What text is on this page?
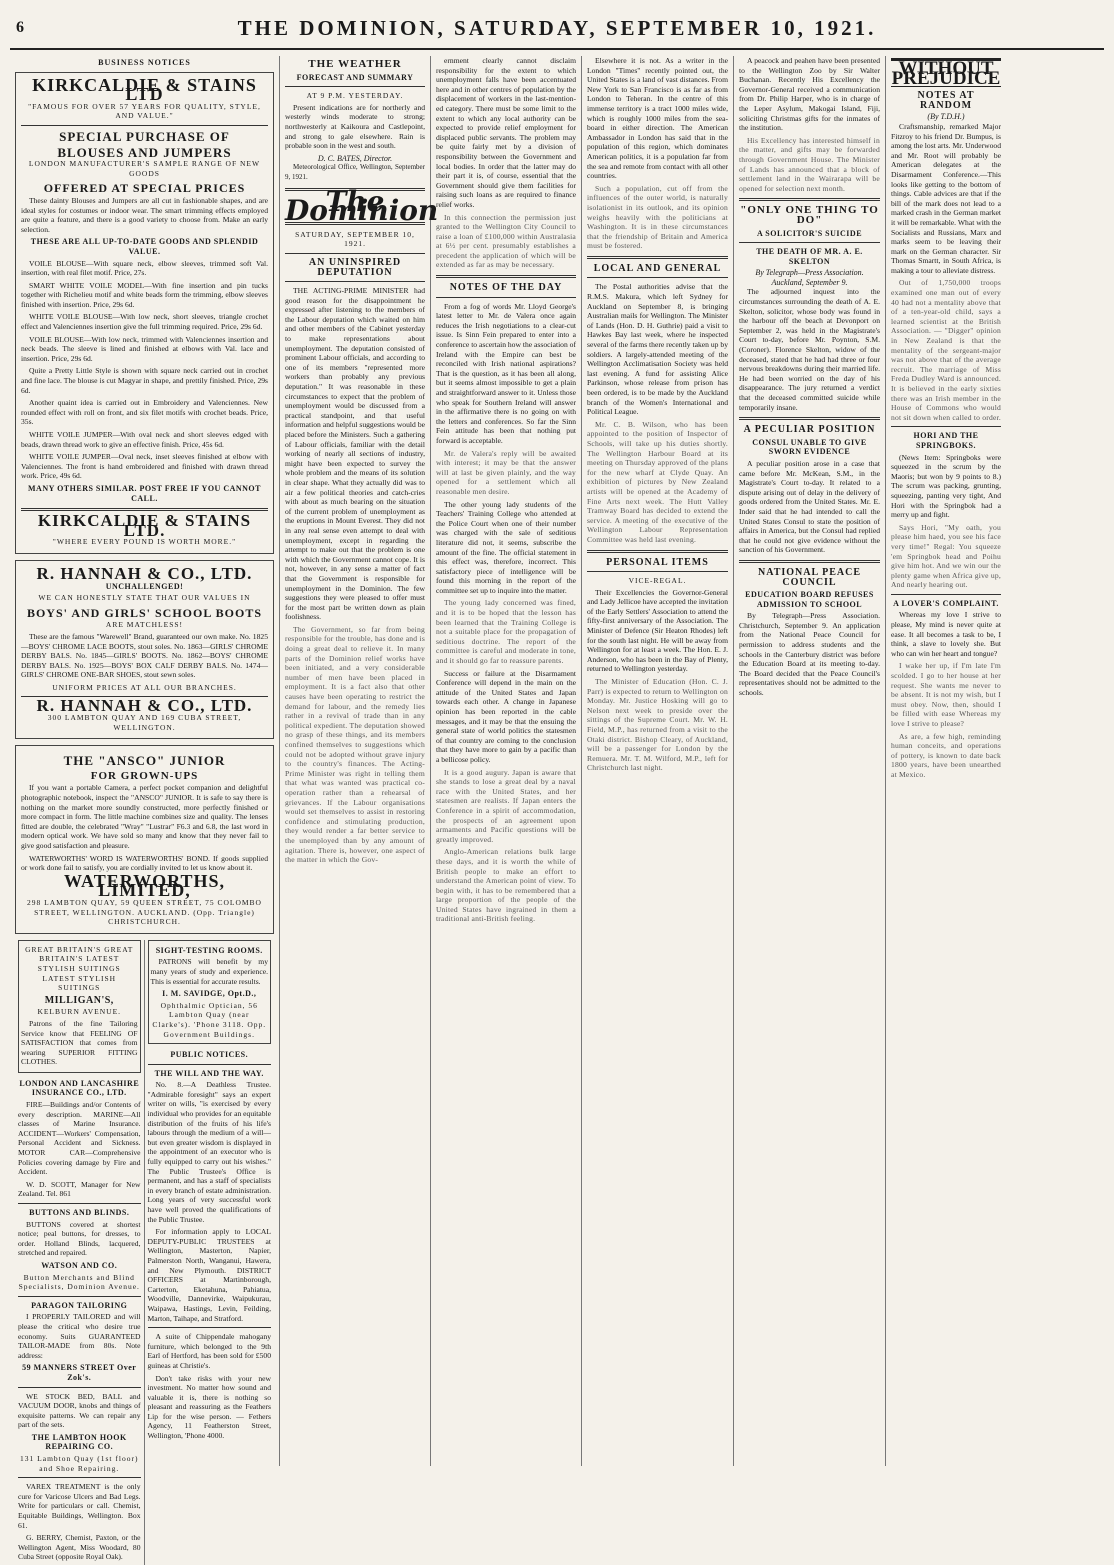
6	THE DOMINION, SATURDAY, SEPTEMBER 10, 1921.
BUSINESS NOTICES
KIRKCALDIE & STAINS LTD
"FAMOUS FOR OVER 57 YEARS FOR QUALITY, STYLE, AND VALUE."
SPECIAL PURCHASE OF
BLOUSES AND JUMPERS
LONDON MANUFACTURER'S SAMPLE RANGE OF NEW GOODS
OFFERED AT SPECIAL PRICES
These dainty Blouses and Jumpers are all cut in fashionable shapes, and are ideal styles for costumes or indoor wear. The smart trimming effects employed are quite a feature, and there is a good variety to choose from. Make an early selection.
THESE ARE ALL UP-TO-DATE GOODS AND SPLENDID VALUE.
VOILE BLOUSE—With square neck, elbow sleeves, trimmed soft Val. insertion, with real filet motif. Price, 27s.
SMART WHITE VOILE MODEL—With fine insertion and pin tucks together with Richelieu motif and white beads form the trimming, elbow sleeves finished with insertion. Price, 29s 6d.
WHITE VOILE BLOUSE—With low neck, short sleeves, triangle crochet effect and Valenciennes insertion give the full trimming required. Price, 29s 6d.
VOILE BLOUSE—With low neck, trimmed with Valenciennes insertion and neck beads. The sleeve is lined and finished at elbows with Val. lace and insertion. Price, 29s 6d.
Quite a Pretty Little Style is shown with square neck carried out in crochet and fine lace. The blouse is cut Magyar in shape, and prettily finished. Price, 29s 6d.
Another quaint idea is carried out in Embroidery and Valenciennes. New rounded effect with roll on front, and six filet motifs with crochet beads. Price, 35s.
WHITE VOILE JUMPER—With oval neck and short sleeves edged with beads, drawn thread work to give an effective finish. Price, 45s 6d.
WHITE VOILE JUMPER—Oval neck, inset sleeves finished at elbow with Valenciennes. The front is hand embroidered and finished with drawn thread work. Price, 49s 6d.
MANY OTHERS SIMILAR. POST FREE IF YOU CANNOT CALL.
KIRKCALDIE & STAINS LTD.
"WHERE EVERY POUND IS WORTH MORE."
R. HANNAH & CO., LTD.
UNCHALLENGED!
WE CAN HONESTLY STATE THAT OUR VALUES IN
BOYS' AND GIRLS' SCHOOL BOOTS
ARE MATCHLESS!
These are the famous "Warewell" Brand, guaranteed our own make. No. 1825—BOYS' CHROME LACE BOOTS, stout soles. No. 1863—GIRLS' CHROME DERBY BALS. No. 1845—GIRLS' BOOTS. No. 1862—BOYS' CHROME DERBY BALS. No. 1925—BOYS' BOX CALF DERBY BALS. No. 1474—GIRLS' CHROME ONE-BAR SHOES, stout sewn soles.
UNIFORM PRICES AT ALL OUR BRANCHES.
R. HANNAH & CO., LTD.
300 LAMBTON QUAY AND 169 CUBA STREET, WELLINGTON.
THE "ANSCO" JUNIOR
FOR GROWN-UPS
If you want a portable Camera, a perfect pocket companion and delightful photographic notebook, inspect the "ANSCO" JUNIOR. It is safe to say there is nothing on the market more soundly constructed, more perfectly finished or more compact in form. The little machine combines size and quality. The lenses fitted are double, the celebrated "Wray" "Lustrar" F6.3 and 6.8, the last word in modern optical work. We have sold so many and know that they never fail to give good satisfaction and pleasure.
WATERWORTHS' WORD IS WATERWORTHS' BOND. If goods supplied or work done fail to satisfy, you are cordially invited to let us know about it.
WATERWORTHS, LIMITED,
298 LAMBTON QUAY, 59 QUEEN STREET, 75 COLOMBO STREET, WELLINGTON. AUCKLAND. (Opp. Triangle) CHRISTCHURCH.
GREAT BRITAIN'S GREAT BRITAIN'S LATEST STYLISH SUITINGS LATEST STYLISH SUITINGS
MILLIGAN'S,
KELBURN AVENUE.
Patrons of the fine Tailoring Service know that FEELING OF SATISFACTION that comes from wearing SUPERIOR FITTING CLOTHES.
LONDON AND LANCASHIRE INSURANCE CO., LTD.
FIRE—Buildings and/or Contents of every description. MARINE—All classes of Marine Insurance. ACCIDENT—Workers' Compensation, Personal Accident and Sickness. MOTOR CAR—Comprehensive Policies covering damage by Fire and Accident.
W. D. SCOTT, Manager for New Zealand. Tel. 861
BUTTONS AND BLINDS.
BUTTONS covered at shortest notice; peal buttons, for dresses, to order. Holland Blinds, lacquered, stretched and repaired.
WATSON AND CO.
Button Merchants and Blind Specialists, Dominion Avenue.
PARAGON TAILORING
I PROPERLY TAILORED and will please the critical who desire true economy. Suits GUARANTEED TAILOR-MADE from 80s. Note address:
59 MANNERS STREET Over Zok's.
WE STOCK BED, BALL and VACUUM DOOR, knobs and things of exquisite patterns. We can repair any part of the sets.
THE LAMBTON HOOK REPAIRING CO.
131 Lambton Quay (1st floor) and Shoe Repairing.
VAREX TREATMENT is the only cure for Varicose Ulcers and Bad Legs. Write for particulars or call. Chemist, Equitable Buildings, Wellington. Box 61.
G. BERRY, Chemist, Paxton, or the Wellington Agent, Miss Woodard, 80 Cuba Street (opposite Royal Oak).
SIGHT-TESTING ROOMS.
PATRONS will benefit by my many years of study and experience. This is essential for accurate results.
I. M. SAVIDGE, Opt.D.,
Ophthalmic Optician, 56 Lambton Quay (near Clarke's). 'Phone 3118. Opp. Government Buildings.
PUBLIC NOTICES.
THE WILL AND THE WAY.
No. 8.—A Deathless Trustee. "Admirable foresight" says an expert writer on wills, "is exercised by every individual who provides for an equitable distribution of the fruits of his life's labours through the medium of a will—but even greater wisdom is displayed in the appointment of an executor who is fully equipped to carry out his wishes." The Public Trustee's Office is permanent, and has a staff of specialists in every branch of estate administration. Long years of very successful work have well proved the qualifications of the Public Trustee.
For information apply to LOCAL DEPUTY-PUBLIC TRUSTEES at Wellington, Masterton, Napier, Palmerston North, Wanganui, Hawera, and New Plymouth. DISTRICT OFFICERS at Martinborough, Carterton, Eketahuna, Pahiatua, Woodville, Dannevirke, Waipukurau, Waipawa, Hastings, Levin, Feilding, Marton, Taihape, and Stratford.
A suite of Chippendale mahogany furniture, which belonged to the 9th Earl of Hertford, has been sold for £500 guineas at Christie's.
Don't take risks with your new investment. No matter how sound and valuable it is, there is nothing so pleasant and reassuring as the Feathers Lip for the wise person. — Fethers Agency, 11 Featherston Street, Wellington, 'Phone 4000.
THE WEATHER
FORECAST AND SUMMARY
AT 9 P.M. YESTERDAY.
Present indications are for northerly and westerly winds moderate to strong; northwesterly at Kaikoura and Castlepoint, and strong to gale elsewhere. Rain is probable soon in the west and south.
D. C. BATES, Director.
Meteorological Office, Wellington, September 9, 1921.
The Dominion
SATURDAY, SEPTEMBER 10, 1921.
AN UNINSPIRED DEPUTATION
THE ACTING-PRIME MINISTER had good reason for the disappointment he expressed after listening to the members of the Labour deputation which waited on him and other members of the Cabinet yesterday to make representations about unemployment. The deputation consisted of prominent Labour officials, and according to one of its members "represented more workers than probably any previous deputation." It was reasonable in these circumstances to expect that the problem of unemployment would be discussed from a practical standpoint, and that useful information and helpful suggestions would be placed before the Ministers. Such a gathering of Labour officials, familiar with the detail working of nearly all sections of industry, might have been expected to survey the whole problem and the means of its solution in clear shape. What they actually did was to air a few political theories and catch-cries with about as much bearing on the situation of the current problem of unemployment as the eruptions in Mount Everest. They did not in any real sense even attempt to deal with unemployment, except in regarding the attempt to make out that the problem is one with which the Government cannot cope. It is not, however, in any sense a matter of fact that the Government is responsible for unemployment in the Dominion. The few suggestions they were pleased to offer must for the most part be written down as plain foolishness.
The Government, so far from being responsible for the trouble, has done and is doing a great deal to relieve it. In many parts of the Dominion relief works have been initiated, and a very considerable number of men have been placed in employment. It is a fact also that other causes have been operating to restrict the demand for labour, and the remedy lies rather in a revival of trade than in any political expedient. The deputation showed no grasp of these things, and its members confined themselves to suggestions which could not be adopted without grave injury to the country's finances. The Acting-Prime Minister was right in telling them that what was wanted was practical co-operation rather than a rehearsal of grievances. If the Labour organisations would set themselves to assist in restoring confidence and stimulating production, they would render a far better service to the unemployed than by any amount of agitation. There is, however, one aspect of the matter in which the Gov-
ernment clearly cannot disclaim responsibility for the extent to which unemployment falls have been accentuated here and in other centres of population by the displacement of workers in the last-mention-ed category. There must be some limit to the extent to which any local authority can be expected to provide relief employment for displaced public servants. The problem may be quite fairly met by a division of responsibility between the Government and local bodies. In order that the latter may do their part it is, of course, essential that the Government should give them facilities for raising such loans as are required to finance relief works.
In this connection the permission just granted to the Wellington City Council to raise a loan of £100,000 within Australasia at 6½ per cent. presumably establishes a precedent the application of which will be extended as far as may be necessary.
NOTES OF THE DAY
From a fog of words Mr. Lloyd George's latest letter to Mr. de Valera once again reduces the Irish negotiations to a clear-cut issue. Is Sinn Fein prepared to enter into a conference to ascertain how the association of Ireland with the Empire can best be reconciled with Irish national aspirations? That is the question, as it has been all along, but it seems almost impossible to get a plain and straightforward answer to it. Unless those who speak for Southern Ireland will answer in the affirmative there is no going on with the letters and conferences. So far the Sinn Fein attitude has been that nothing put forward is acceptable.
Mr. de Valera's reply will be awaited with interest; it may be that the answer will at last be given plainly, and the way opened for a settlement which all reasonable men desire.
The other young lady students of the Teachers' Training College who attended at the Police Court when one of their number was charged with the sale of seditious literature did not, it seems, subscribe the amount of the fine. The official statement in this effect was, therefore, incorrect. This satisfactory piece of intelligence will be found this morning in the report of the committee set up to inquire into the matter.
The young lady concerned was fined, and it is to be hoped that the lesson has been learned that the Training College is not a suitable place for the propagation of seditious doctrine. The report of the committee is careful and moderate in tone, and it should go far to reassure parents.
Success or failure at the Disarmament Conference will depend in the main on the attitude of the United States and Japan towards each other. A change in Japanese opinion has been reported in the cable messages, and it may be that the ensuing the general state of world politics the statesmen of that country are coming to the conclusion that they have more to gain by a pacific than a bellicose policy.
It is a good augury. Japan is aware that she stands to lose a great deal by a naval race with the United States, and her statesmen are realists. If Japan enters the Conference in a spirit of accommodation, the prospects of an agreement upon armaments and Pacific questions will be greatly improved.
Anglo-American relations bulk large these days, and it is worth the while of British people to make an effort to understand the American point of view. To begin with, it has to be remembered that a large proportion of the people of the United States have ingrained in them a traditional anti-British feeling.
Elsewhere it is not. As a writer in the London "Times" recently pointed out, the United States is a land of vast distances. From New York to San Francisco is as far as from London to Teheran. In the centre of this immense territory is a tract 1000 miles wide, which is roughly 1000 miles from the sea-board in either direction. The American Ambassador in London has said that in the population of this region, which dominates American politics, it is a population far from the sea and remote from contact with all other countries.
Such a population, cut off from the influences of the outer world, is naturally isolationist in its outlook, and its opinion weighs heavily with the politicians at Washington. It is in these circumstances that the friendship of Britain and America must be fostered.
LOCAL AND GENERAL
The Postal authorities advise that the R.M.S. Makura, which left Sydney for Auckland on September 8, is bringing Australian mails for Wellington. The Minister of Lands (Hon. D. H. Guthrie) paid a visit to Hawkes Bay last week, where he inspected several of the farms there recently taken up by soldiers. A largely-attended meeting of the Wellington Acclimatisation Society was held last evening. A fund for assisting Alice Parkinson, whose release from prison has been ordered, is to be made by the Auckland branch of the Women's International and Political League.
Mr. C. B. Wilson, who has been appointed to the position of Inspector of Schools, will take up his duties shortly. The Wellington Harbour Board at its meeting on Thursday approved of the plans for the new wharf at Clyde Quay. An exhibition of pictures by New Zealand artists will be opened at the Academy of Fine Arts next week. The Hutt Valley Tramway Board has decided to extend the service. A meeting of the executive of the Wellington Labour Representation Committee was held last evening.
PERSONAL ITEMS
VICE-REGAL.
Their Excellencies the Governor-General and Lady Jellicoe have accepted the invitation of the Early Settlers' Association to attend the fifty-first anniversary of the Association. The Minister of Defence (Sir Heaton Rhodes) left for the south last night. He will be away from Wellington for at least a week. The Hon. E. J. Anderson, who has been in the Bay of Plenty, returned to Wellington yesterday.
The Minister of Education (Hon. C. J. Parr) is expected to return to Wellington on Monday. Mr. Justice Hosking will go to Nelson next week to preside over the sittings of the Supreme Court. Mr. W. H. Field, M.P., has returned from a visit to the Otaki district. Bishop Cleary, of Auckland, will be a passenger for London by the Remuera. Mr. T. M. Wilford, M.P., left for Christchurch last night.
A peacock and peahen have been presented to the Wellington Zoo by Sir Walter Buchanan. Recently His Excellency the Governor-General received a communication from Dr. Philip Harper, who is in charge of the Leper Asylum, Makogai Island, Fiji, soliciting Christmas gifts for the inmates of the institution.
His Excellency has interested himself in the matter, and gifts may be forwarded through Government House. The Minister of Lands has announced that a block of settlement land in the Wairarapa will be opened for selection next month.
"ONLY ONE THING TO DO"
A SOLICITOR'S SUICIDE
THE DEATH OF MR. A. E. SKELTON
By Telegraph—Press Association. Auckland, September 9.
The adjourned inquest into the circumstances surrounding the death of A. E. Skelton, solicitor, whose body was found in the harbour off the beach at Devonport on September 2, was held in the Magistrate's Court to-day, before Mr. Poynton, S.M. (Coroner). Florence Skelton, widow of the deceased, stated that he had had three or four nervous breakdowns during their married life. He had been worried on the day of his disappearance. The jury returned a verdict that the deceased committed suicide while temporarily insane.
A PECULIAR POSITION
CONSUL UNABLE TO GIVE SWORN EVIDENCE
A peculiar position arose in a case that came before Mr. McKean, S.M., in the Magistrate's Court to-day. It related to a dispute arising out of delay in the delivery of goods ordered from the United States. Mr. E. Inder said that he had intended to call the United States Consul to state the position of affairs in America, but the Consul had replied that he could not give evidence without the sanction of his Government.
NATIONAL PEACE COUNCIL
EDUCATION BOARD REFUSES ADMISSION TO SCHOOL
By Telegraph—Press Association. Christchurch, September 9. An application from the National Peace Council for permission to address students and the schools in the Canterbury district was before the Education Board at its meeting to-day. The Board decided that the Peace Council's representatives should not be admitted to the schools.
WITHOUT PREJUDICE
NOTES AT RANDOM
(By T.D.H.)
Craftsmanship, remarked Major Fitzroy to his friend Dr. Bumpus, is among the lost arts. Mr. Underwood and Mr. Root will probably be American delegates at the Disarmament Conference.—This looks like getting to the bottom of things. Cable advices are that if the bill of the mark does not lead to a marked crash in the German market it will be remarkable. What with the Socialists and Russians, Marx and marks seem to be leaving their mark on the German character. Sir Thomas Smartt, in South Africa, is making a tour to alleviate distress.
Out of 1,750,000 troops examined one man out of every 40 had not a mentality above that of a ten-year-old child, says a learned scientist at the British Association. — "Digger" opinion in New Zealand is that the mentality of the sergeant-major was not above that of the average recruit. The marriage of Miss Freda Dudley Ward is announced. It is believed in the early sixties there was an Irish member in the House of Commons who would not sit down when called to order.
HORI AND THE SPRINGBOKS.
(News Item: Springboks were squeezed in the scrum by the Maoris; but won by 9 points to 8.) The scrum was packing, grunting, squeezing, panting very tight, And Hori with the Springbok had a merry up and fight.
Says Hori, "My oath, you please him haed, you see his face very time!" Regal: You squeeze 'em Springbok head and Poihu give him hot. And we win our the plenty game when Africa give up, And nearly hearing out.
A LOVER'S COMPLAINT.
Whereas my love I strive to please, My mind is never quite at ease. It all becomes a task to be, I think, a slave to lovely she. But who can win her heart and tongue?
I wake her up, if I'm late I'm scolded. I go to her house at her request. She wants me never to be absent. It is not my wish, but I must obey. Now, then, should I be filled with ease Whereas my love I strive to please?
As are, a few high, reminding human conceits, and operations of pottery, is known to date back 1800 years, have been unearthed at Mexico.
